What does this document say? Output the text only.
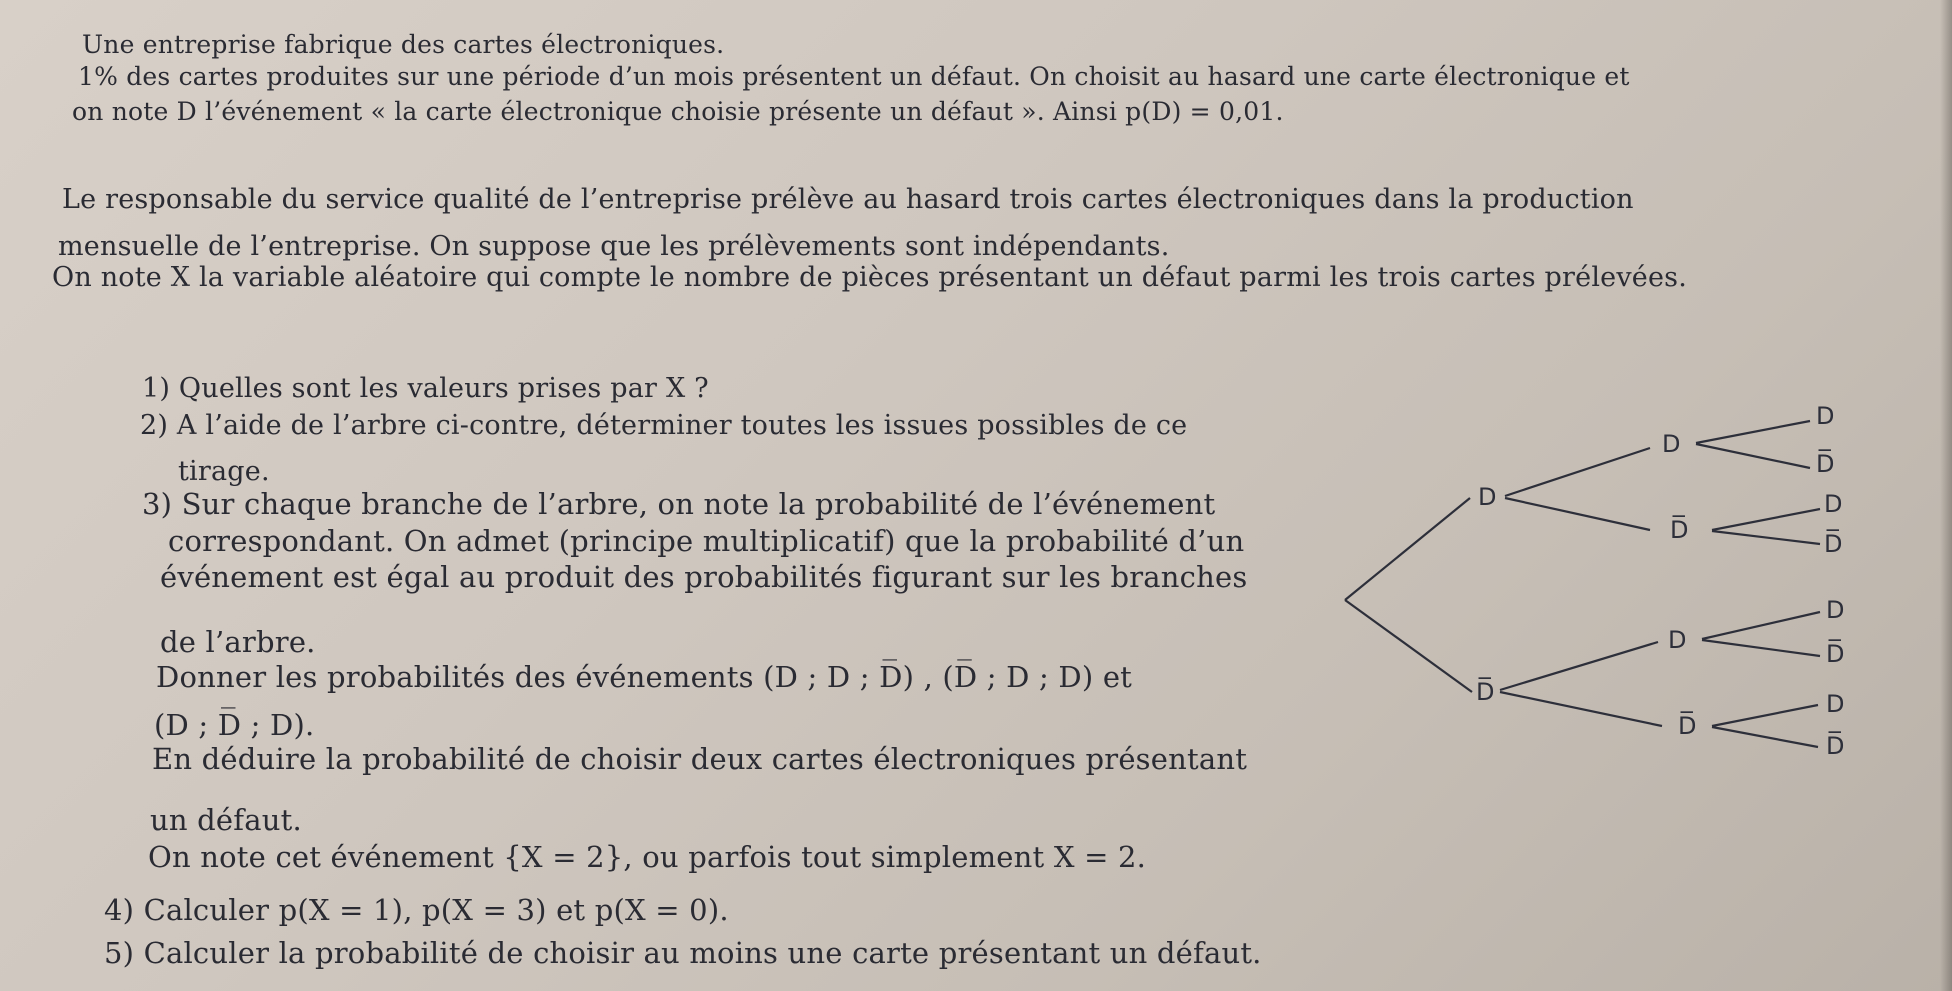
Une entreprise fabrique des cartes électroniques.
1% des cartes produites sur une période d’un mois présentent un défaut. On choisit au hasard une carte électronique et
on note D l’événement « la carte électronique choisie présente un défaut ». Ainsi p(D) = 0,01.
Le responsable du service qualité de l’entreprise prélève au hasard trois cartes électroniques dans la production
mensuelle de l’entreprise. On suppose que les prélèvements sont indépendants.
On note X la variable aléatoire qui compte le nombre de pièces présentant un défaut parmi les trois cartes prélevées.
1) Quelles sont les valeurs prises par X ?
2) A l’aide de l’arbre ci-contre, déterminer toutes les issues possibles de ce
tirage.
3) Sur chaque branche de l’arbre, on note la probabilité de l’événement
correspondant. On admet (principe multiplicatif) que la probabilité d’un
événement est égal au produit des probabilités figurant sur les branches
de l’arbre.
Donner les probabilités des événements (D ; D ; D̅) , (D̅ ; D ; D) et
(D ; D̅ ; D).
En déduire la probabilité de choisir deux cartes électroniques présentant
un défaut.
On note cet événement {X = 2}, ou parfois tout simplement X = 2.
4) Calculer p(X = 1), p(X = 3) et p(X = 0).
5) Calculer la probabilité de choisir au moins une carte présentant un défaut.
D
D̅
D
D̅
D
D̅
D
D̅
D
D̅
D
D̅
D
D̅
